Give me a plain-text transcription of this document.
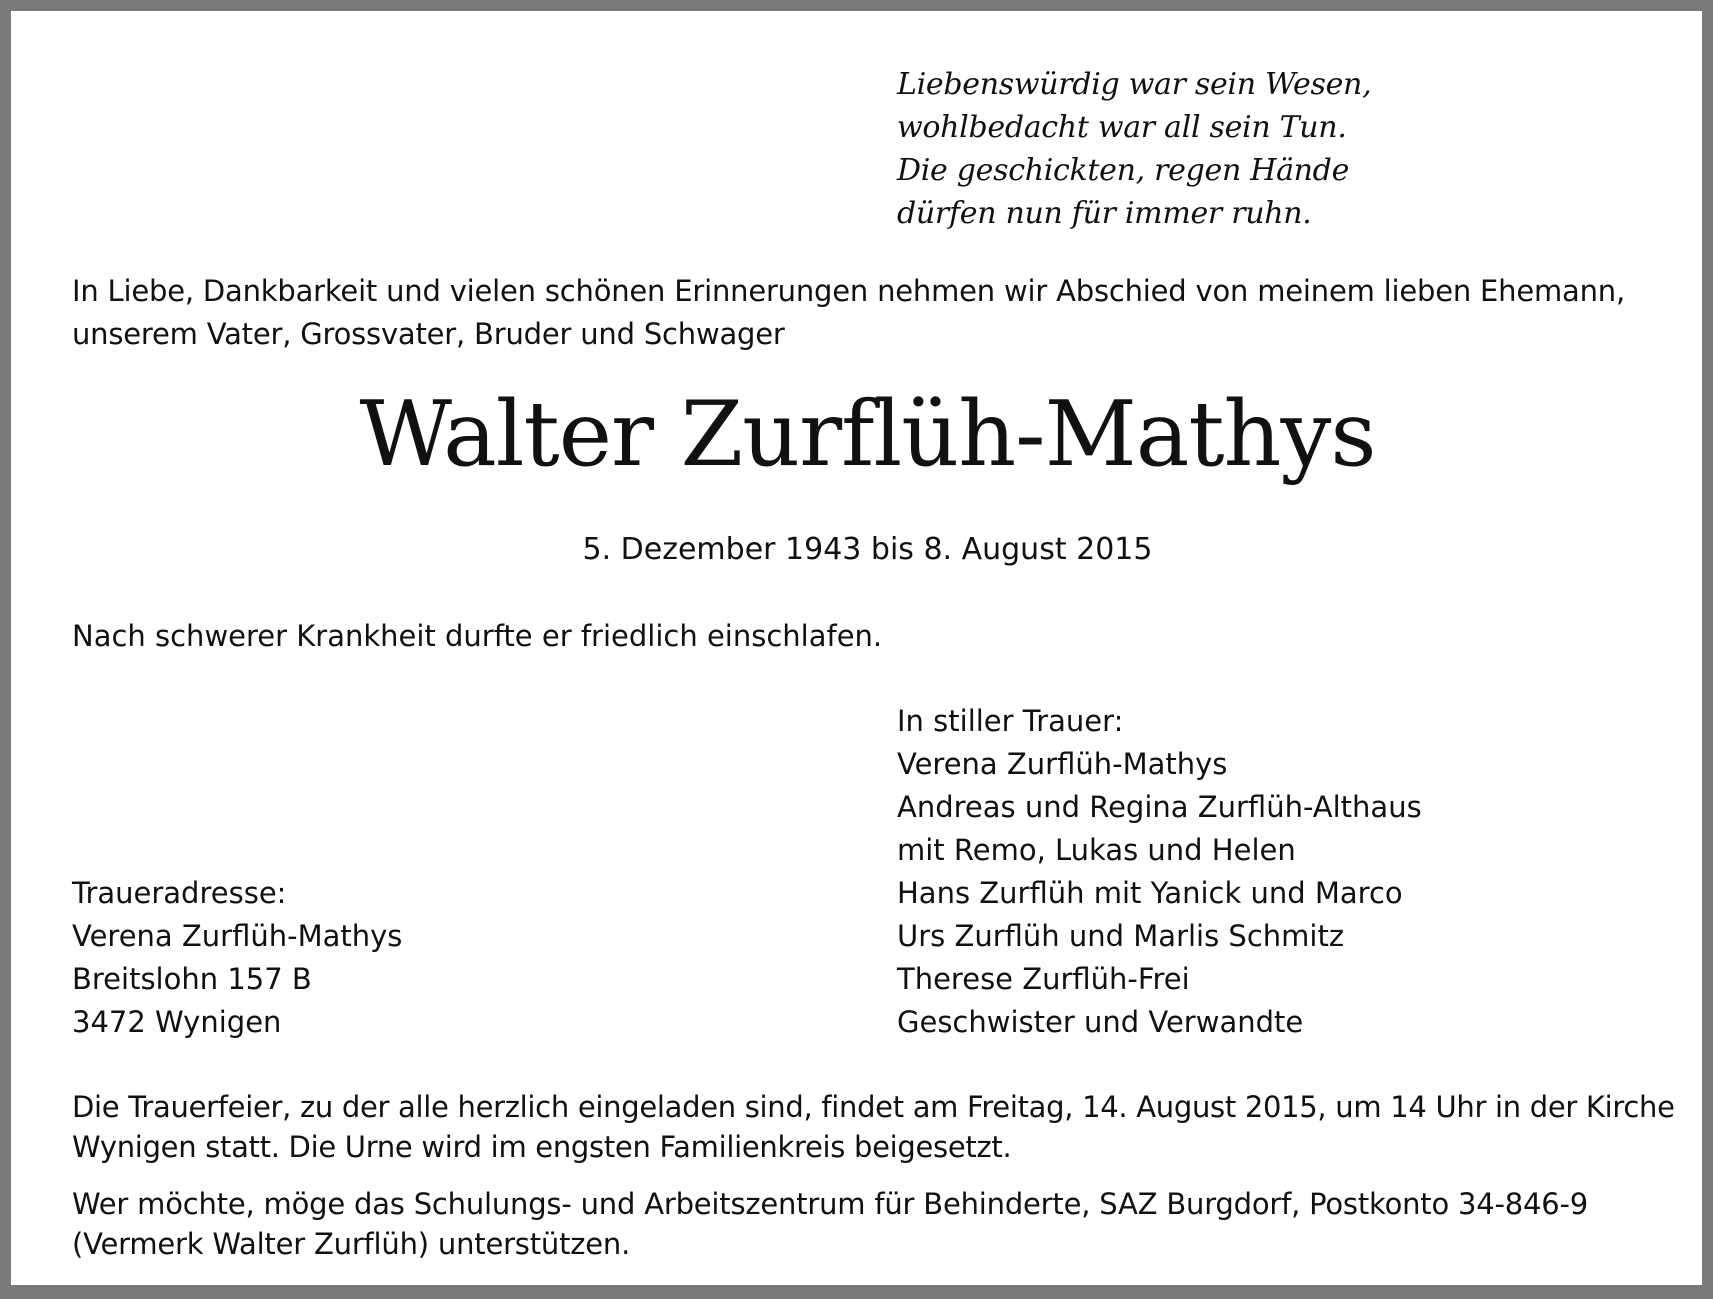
Liebenswürdig war sein Wesen,
wohlbedacht war all sein Tun.
Die geschickten, regen Hände
dürfen nun für immer ruhn.
In Liebe, Dankbarkeit und vielen schönen Erinnerungen nehmen wir Abschied von meinem lieben Ehemann,
unserem Vater, Grossvater, Bruder und Schwager
Walter Zurflüh-Mathys
5. Dezember 1943 bis 8. August 2015
Nach schwerer Krankheit durfte er friedlich einschlafen.
In stiller Trauer:
Verena Zurflüh-Mathys
Andreas und Regina Zurflüh-Althaus
mit Remo, Lukas und Helen
Hans Zurflüh mit Yanick und Marco
Urs Zurflüh und Marlis Schmitz
Therese Zurflüh-Frei
Geschwister und Verwandte
Traueradresse:
Verena Zurflüh-Mathys
Breitslohn 157 B
3472 Wynigen
Die Trauerfeier, zu der alle herzlich eingeladen sind, findet am Freitag, 14. August 2015, um 14 Uhr in der Kirche
Wynigen statt. Die Urne wird im engsten Familienkreis beigesetzt.
Wer möchte, möge das Schulungs- und Arbeitszentrum für Behinderte, SAZ Burgdorf, Postkonto 34-846-9
(Vermerk Walter Zurflüh) unterstützen.
